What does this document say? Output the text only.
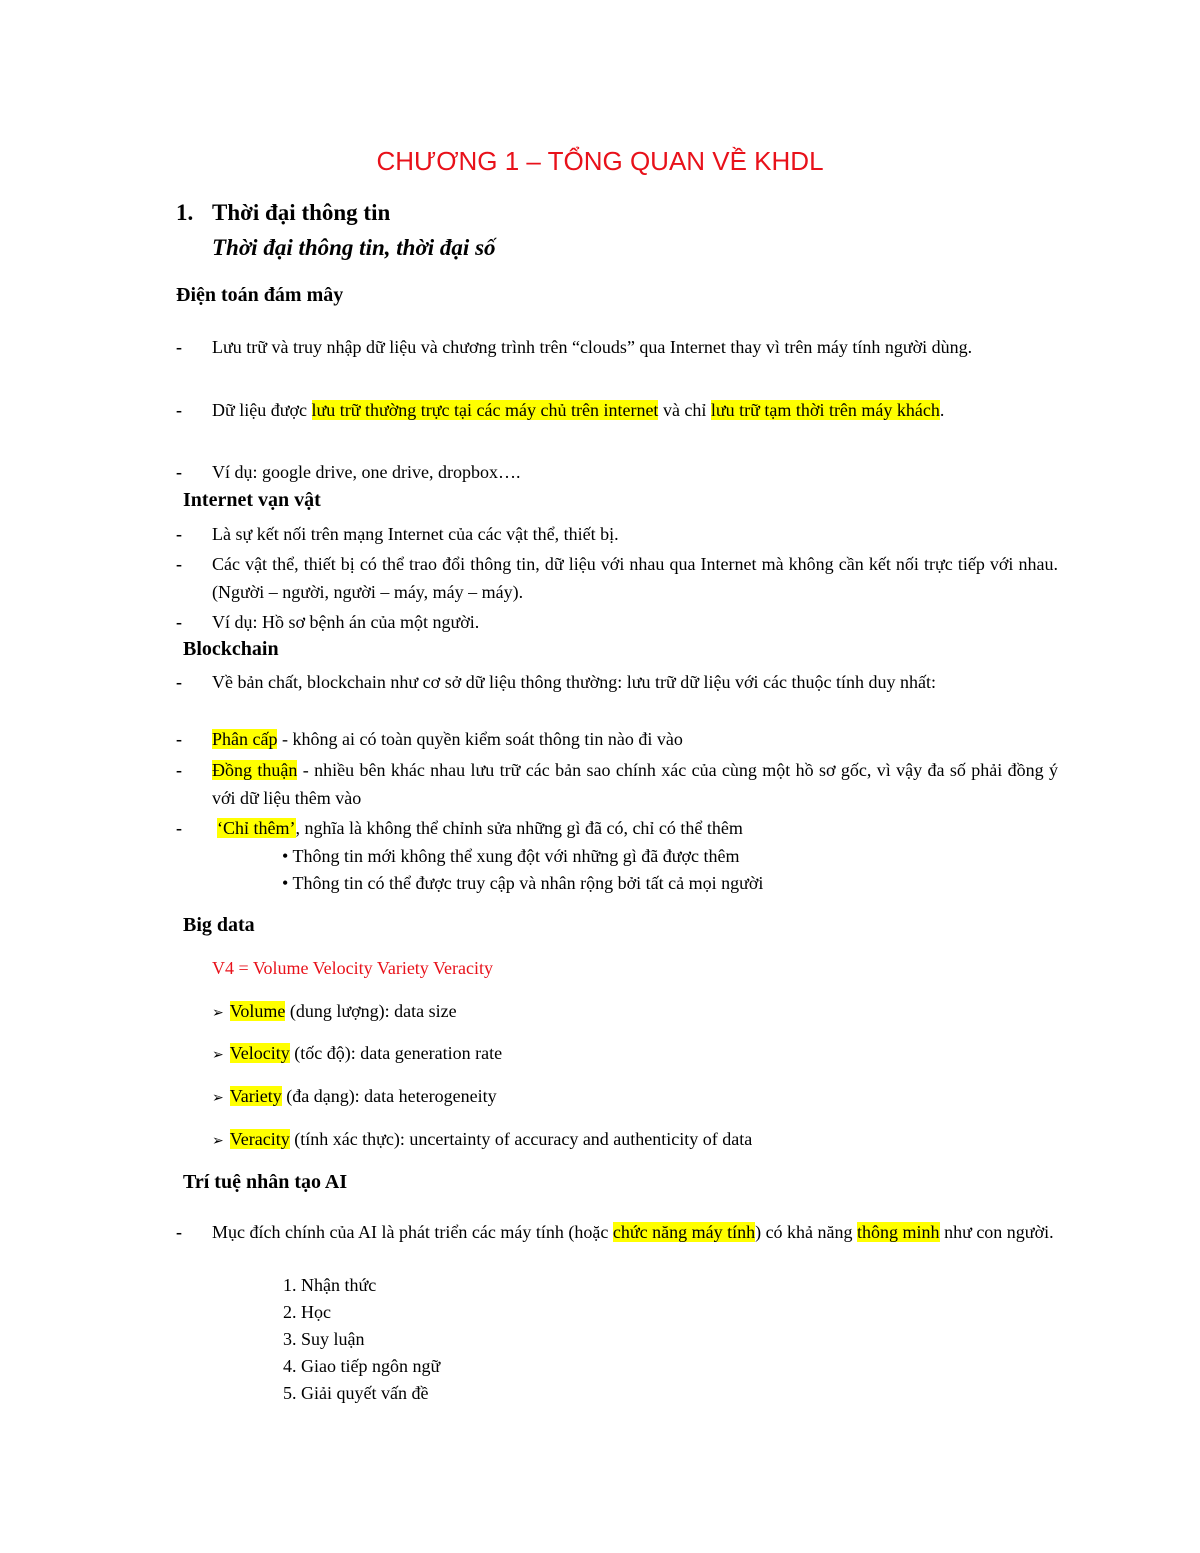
CHƯƠNG 1 – TỔNG QUAN VỀ KHDL
1. Thời đại thông tin
Thời đại thông tin, thời đại số
Điện toán đám mây
-	Lưu trữ và truy nhập dữ liệu và chương trình trên “clouds” qua Internet thay vì trên máy tính người dùng.
-	Dữ liệu được lưu trữ thường trực tại các máy chủ trên internet và chỉ lưu trữ tạm thời trên máy khách.
-	Ví dụ: google drive, one drive, dropbox….
Internet vạn vật
-	Là sự kết nối trên mạng Internet của các vật thể, thiết bị.
-	Các vật thể, thiết bị có thể trao đổi thông tin, dữ liệu với nhau qua Internet mà không cần kết nối trực tiếp với nhau. (Người – người, người – máy, máy – máy).
-	Ví dụ: Hồ sơ bệnh án của một người.
Blockchain
-	Về bản chất, blockchain như cơ sở dữ liệu thông thường: lưu trữ dữ liệu với các thuộc tính duy nhất:
-	Phân cấp - không ai có toàn quyền kiểm soát thông tin nào đi vào
-	Đồng thuận - nhiều bên khác nhau lưu trữ các bản sao chính xác của cùng một hồ sơ gốc, vì vậy đa số phải đồng ý với dữ liệu thêm vào
-	‘Chỉ thêm’, nghĩa là không thể chỉnh sửa những gì đã có, chỉ có thể thêm
• Thông tin mới không thể xung đột với những gì đã được thêm
• Thông tin có thể được truy cập và nhân rộng bởi tất cả mọi người
Big data
V4 = Volume Velocity Variety Veracity
➢ Volume (dung lượng): data size
➢ Velocity (tốc độ): data generation rate
➢ Variety (đa dạng): data heterogeneity
➢ Veracity (tính xác thực): uncertainty of accuracy and authenticity of data
Trí tuệ nhân tạo AI
-	Mục đích chính của AI là phát triển các máy tính (hoặc chức năng máy tính) có khả năng thông minh như con người.
1. Nhận thức
2. Học
3. Suy luận
4. Giao tiếp ngôn ngữ
5. Giải quyết vấn đề
